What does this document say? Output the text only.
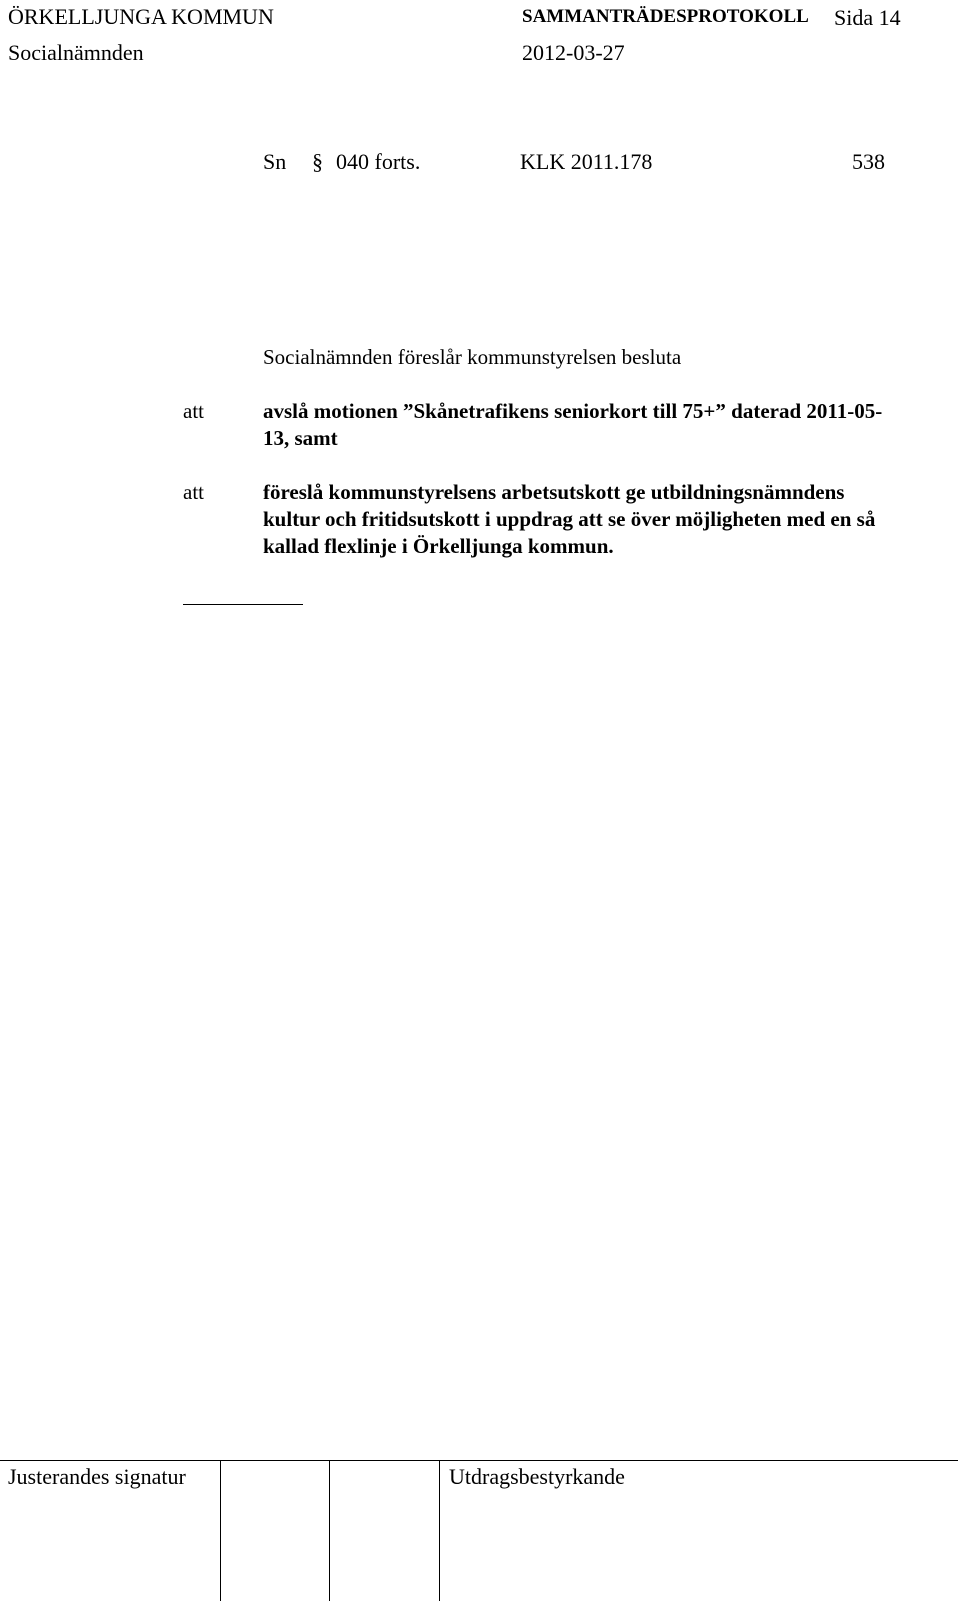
ÖRKELLJUNGA KOMMUN	SAMMANTRÄDESPROTOKOLL Sida 14
Socialnämnden	2012-03-27
Sn § 040 forts.	KLK 2011.178	538
Socialnämnden föreslår kommunstyrelsen besluta
att	avslå motionen ”Skånetrafikens seniorkort till 75+” daterad 2011-05-13, samt
att	föreslå kommunstyrelsens arbetsutskott ge utbildningsnämndens kultur och fritidsutskott i uppdrag att se över möjligheten med en så kallad flexlinje i Örkelljunga kommun.
Justerandes signatur	Utdragsbestyrkande
